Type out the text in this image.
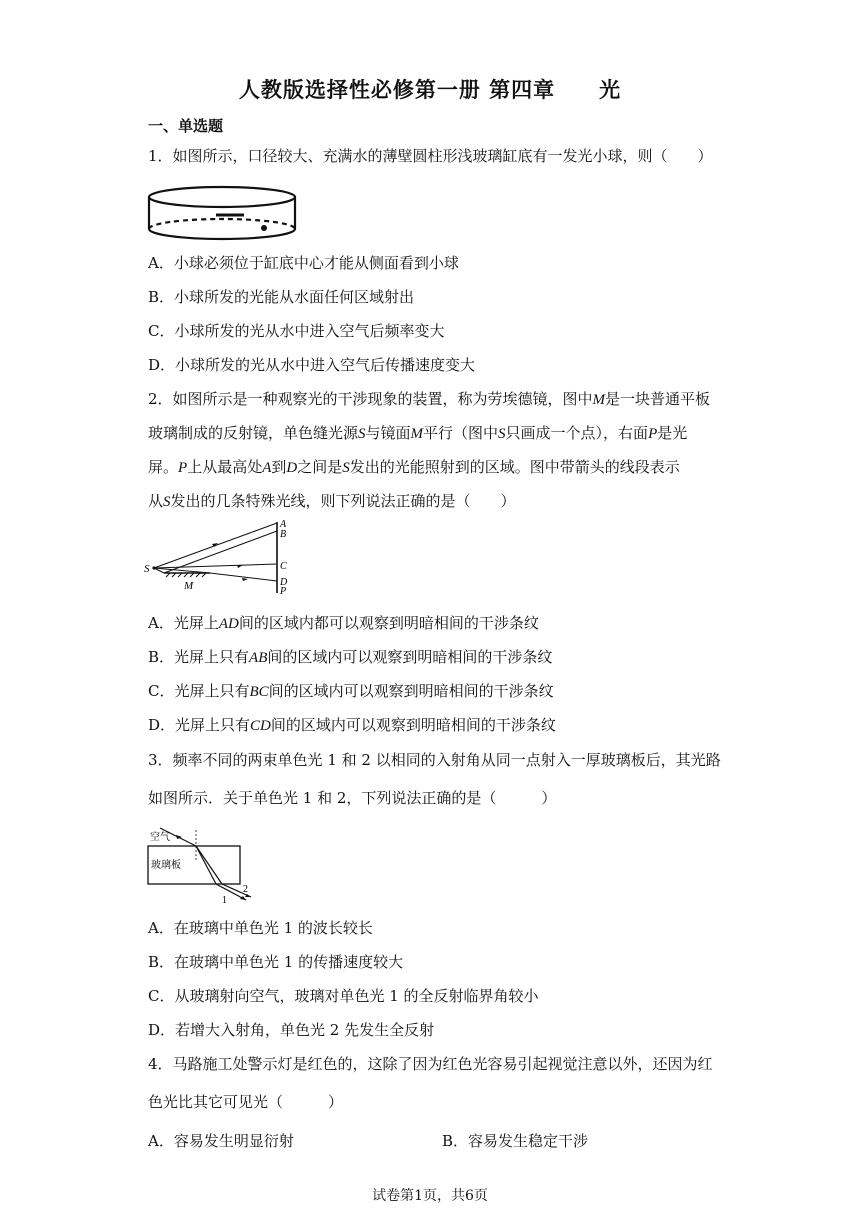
人教版选择性必修第一册 第四章　　光
一、单选题
1．如图所示，口径较大、充满水的薄壁圆柱形浅玻璃缸底有一发光小球，则（　　）
A．小球必须位于缸底中心才能从侧面看到小球
B．小球所发的光能从水面任何区域射出
C．小球所发的光从水中进入空气后频率变大
D．小球所发的光从水中进入空气后传播速度变大
2．如图所示是一种观察光的干涉现象的装置，称为劳埃德镜，图中M是一块普通平板
玻璃制成的反射镜，单色缝光源S与镜面M平行（图中S只画成一个点），右面P是光
屏。P上从最高处A到D之间是S发出的光能照射到的区域。图中带箭头的线段表示
从S发出的几条特殊光线，则下列说法正确的是（　　）
S
M
A
B
C
D
P
A．光屏上AD间的区域内都可以观察到明暗相间的干涉条纹
B．光屏上只有AB间的区域内可以观察到明暗相间的干涉条纹
C．光屏上只有BC间的区域内可以观察到明暗相间的干涉条纹
D．光屏上只有CD间的区域内可以观察到明暗相间的干涉条纹
3．频率不同的两束单色光 1 和 2 以相同的入射角从同一点射入一厚玻璃板后，其光路
如图所示．关于单色光 1 和 2，下列说法正确的是（　　　）
空气
玻璃板
1
2
A．在玻璃中单色光 1 的波长较长
B．在玻璃中单色光 1 的传播速度较大
C．从玻璃射向空气，玻璃对单色光 1 的全反射临界角较小
D．若增大入射角，单色光 2 先发生全反射
4．马路施工处警示灯是红色的，这除了因为红色光容易引起视觉注意以外，还因为红
色光比其它可见光（　　　）
A．容易发生明显衍射	B．容易发生稳定干涉
试卷第1页，共6页
